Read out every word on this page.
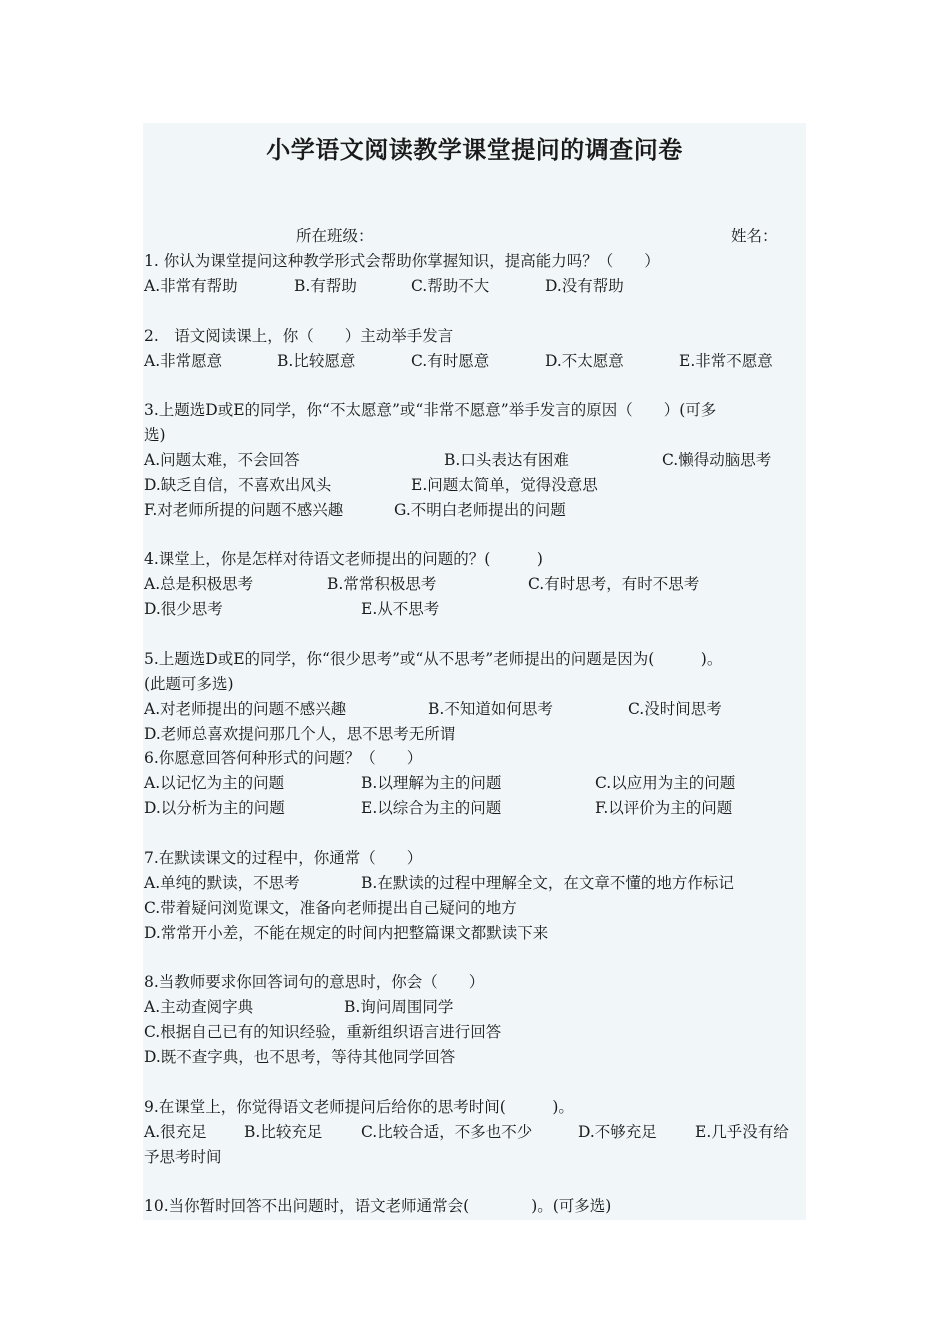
小学语文阅读教学课堂提问的调查问卷
所在班级：	姓名：
1. 你认为课堂提问这种教学形式会帮助你掌握知识，提高能力吗？（　　）
A.非常有帮助	B.有帮助	C.帮助不大	D.没有帮助
2.　语文阅读课上，你（　　）主动举手发言
A.非常愿意	B.比较愿意	C.有时愿意	D.不太愿意	E.非常不愿意
3.上题选D或E的同学，你“不太愿意”或“非常不愿意”举手发言的原因（　　）(可多
选)
A.问题太难，不会回答	B.口头表达有困难	C.懒得动脑思考
D.缺乏自信，不喜欢出风头	E.问题太简单，觉得没意思
F.对老师所提的问题不感兴趣	G.不明白老师提出的问题
4.课堂上，你是怎样对待语文老师提出的问题的？(　　　)
A.总是积极思考	B.常常积极思考	C.有时思考，有时不思考
D.很少思考	E.从不思考
5.上题选D或E的同学，你“很少思考”或“从不思考”老师提出的问题是因为(　　　)。
(此题可多选)
A.对老师提出的问题不感兴趣	B.不知道如何思考	C.没时间思考
D.老师总喜欢提问那几个人，思不思考无所谓
6.你愿意回答何种形式的问题？（　　）
A.以记忆为主的问题	B.以理解为主的问题	C.以应用为主的问题
D.以分析为主的问题	E.以综合为主的问题	F.以评价为主的问题
7.在默读课文的过程中，你通常（　　）
A.单纯的默读，不思考	B.在默读的过程中理解全文，在文章不懂的地方作标记
C.带着疑问浏览课文，准备向老师提出自己疑问的地方
D.常常开小差，不能在规定的时间内把整篇课文都默读下来
8.当教师要求你回答词句的意思时，你会（　　）
A.主动查阅字典	B.询问周围同学
C.根据自己已有的知识经验，重新组织语言进行回答
D.既不查字典，也不思考，等待其他同学回答
9.在课堂上，你觉得语文老师提问后给你的思考时间(　　　)。
A.很充足 B.比较充足 C.比较合适，不多也不少	D.不够充足 E.几乎没有给
予思考时间
10.当你暂时回答不出问题时，语文老师通常会(　　　　)。(可多选)
